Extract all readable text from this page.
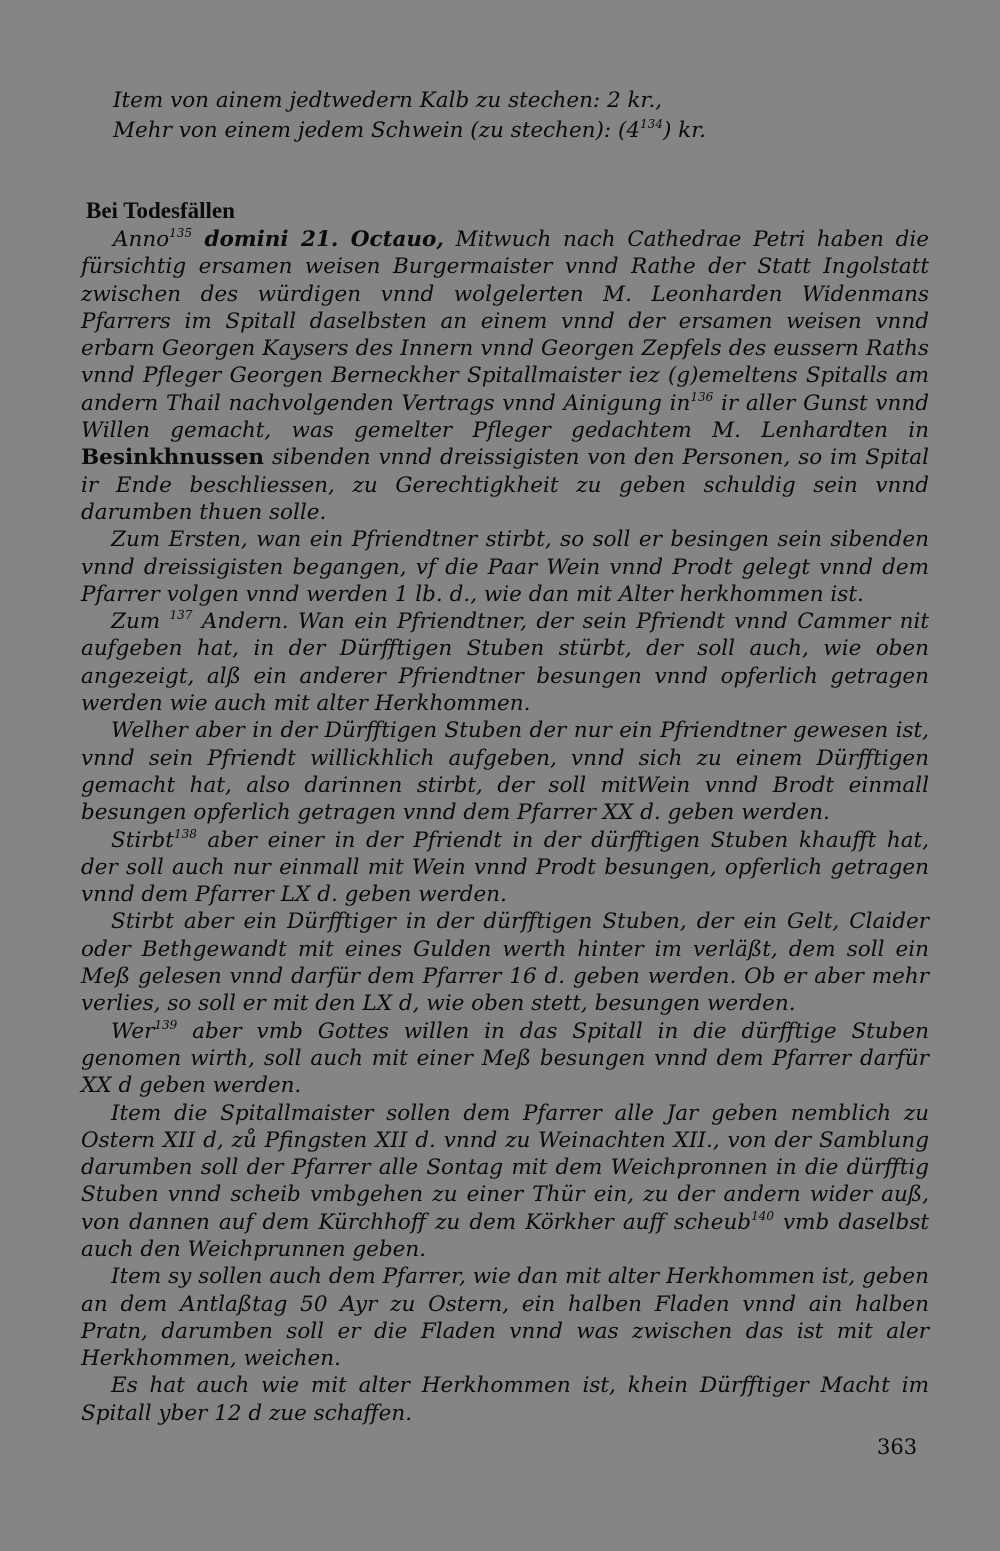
Item von ainem jedtwedern Kalb zu stechen: 2 kr.,
Mehr von einem jedem Schwein (zu stechen): $(4^{134})$ kr.
Bei Todesfällen

Anno$^{135}$ domini 21. Octauo, Mitwuch nach Cathedrae Petri haben die fürsichtig ersamen weisen Burgermaister vnnd Rathe der Statt Ingolstatt zwischen des würdigen vnnd wolgelerten M. Leonharden Widenmans Pfarrers im Spitall daselbsten an einem vnnd der ersamen weisen vnnd erbarn Georgen Kaysers des Innern vnnd Georgen Zepfels des eussern Raths vnnd Pfleger Georgen Berneckher Spitallmaister iez (g)emeltens Spitalls am andern Thail nachvolgenden Vertrags vnnd Ainigung $in^{136}$ ir aller Gunst vnnd Willen gemacht, was gemelter Pfleger gedachtem M. Lenhardten in Besinkhnussen sibenden vnnd dreissigisten von den Personen, so im Spital ir Ende beschliessen, zu Gerechtigkheit zu geben schuldig sein vnnd darumben thuen solle.

Zum Ersten, wan ein Pfriendtner stirbt, so soll er besingen sein sibenden vnnd dreissigisten begangen, vf die Paar Wein vnnd Prodt gelegt vnnd dem Pfarrer volgen vnnd werden 1 lb. d., wie dan mit Alter herkhommen ist.

Zum $^{137}$ Andern. Wan ein Pfriendtner, der sein Pfriendt vnnd Cammer nit aufgeben hat, in der Dürfftigen Stuben stürbt, der soll auch, wie oben angezeigt, alß ein anderer Pfriendtner besungen vnnd opferlich getragen werden wie auch mit alter Herkhommen.

Welher aber in der Dürfftigen Stuben der nur ein Pfriendtner gewesen ist, vnnd sein Pfriendt willickhlich aufgeben, vnnd sich zu einem Dürfftigen gemacht hat, also darinnen stirbt, der soll mitWein vnnd Brodt einmall besungen opferlich getragen vnnd dem Pfarrer XX d. geben werden.

Stirbt$^{138}$ aber einer in der Pfriendt in der dürfftigen Stuben khaufft hat, der soll auch nur einmall mit Wein vnnd Prodt besungen, opferlich getragen vnnd dem Pfarrer LX d. geben werden.

Stirbt aber ein Dürfftiger in der dürfftigen Stuben, der ein Gelt, Claider oder Bethgewandt mit eines Gulden werth hinter im verläßt, dem soll ein Meß gelesen vnnd darfür dem Pfarrer 16 d. geben werden. Ob er aber mehr verlies, so soll er mit den LX d, wie oben stett, besungen werden.

Wer$^{139}$ aber vmb Gottes willen in das Spitall in die dürfftige Stuben genomen wirth, soll auch mit einer Meß besungen vnnd dem Pfarrer darfür XX d geben werden.

Item die Spitallmaister sollen dem Pfarrer alle Jar geben nemblich zu Ostern XII d, zů Pfingsten XII d. vnnd zu Weinachten XII., von der Samblung darumben soll der Pfarrer alle Sontag mit dem Weichpronnen in die dürfftig Stuben vnnd scheib vmbgehen zu einer Thür ein, zu der andern wider auß, von dannen auf dem Kürchhoff zu dem Körkher auff scheub$^{140}$ vmb daselbst auch den Weichprunnen geben.

Item sy sollen auch dem Pfarrer, wie dan mit alter Herkhommen ist, geben an dem Antlaßtag 50 Ayr zu Ostern, ein halben Fladen vnnd ain halben Pratn, darumben soll er die Fladen vnnd was zwischen das ist mit aler Herkhommen, weichen.

Es hat auch wie mit alter Herkhommen ist, khein Dürfftiger Macht im Spitall yber 12 d zue schaffen.

363
